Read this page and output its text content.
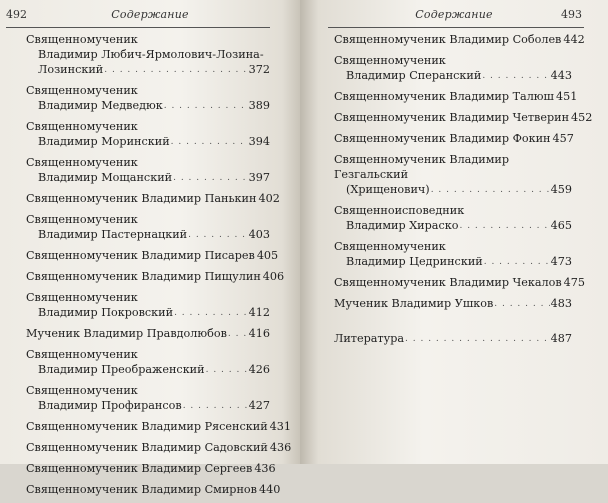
492	Содержание
Священномученик
Владимир Любич-Ярмолович-Лозина-
Лозинский . . .	372
Священномученик
Владимир Медведюк . . .	389
Священномученик
Владимир Моринский . . .	394
Священномученик
Владимир Мощанский . . .	397
Священномученик Владимир Панькин 402
Священномученик
Владимир Пастернацкий . . .	403
Священномученик Владимир Писарев 405
Священномученик Владимир Пищулин 406
Священномученик
Владимир Покровский . . .	412
Мученик Владимир Правдолюбов . . . 416
Священномученик
Владимир Преображенский . . .	426
Священномученик
Владимир Профирансов . . .	427
Священномученик Владимир Рясенский 431
Священномученик Владимир Садовский 436
Священномученик Владимир Сергеев 436
Священномученик Владимир Смирнов 440
Содержание	493
Священномученик Владимир Соболев 442
Священномученик
Владимир Сперанский . . .	443
Священномученик Владимир Талюш 451
Священномученик Владимир Четверин 452
Священномученик Владимир Фокин 457
Священномученик Владимир Гезгальский
(Хрищенович) . . .	459
Священноисповедник
Владимир Хираско . . .	465
Священномученик
Владимир Цедринский . . .	473
Священномученик Владимир Чекалов 475
Мученик Владимир Ушков . . .	483
Литература . . .	487
